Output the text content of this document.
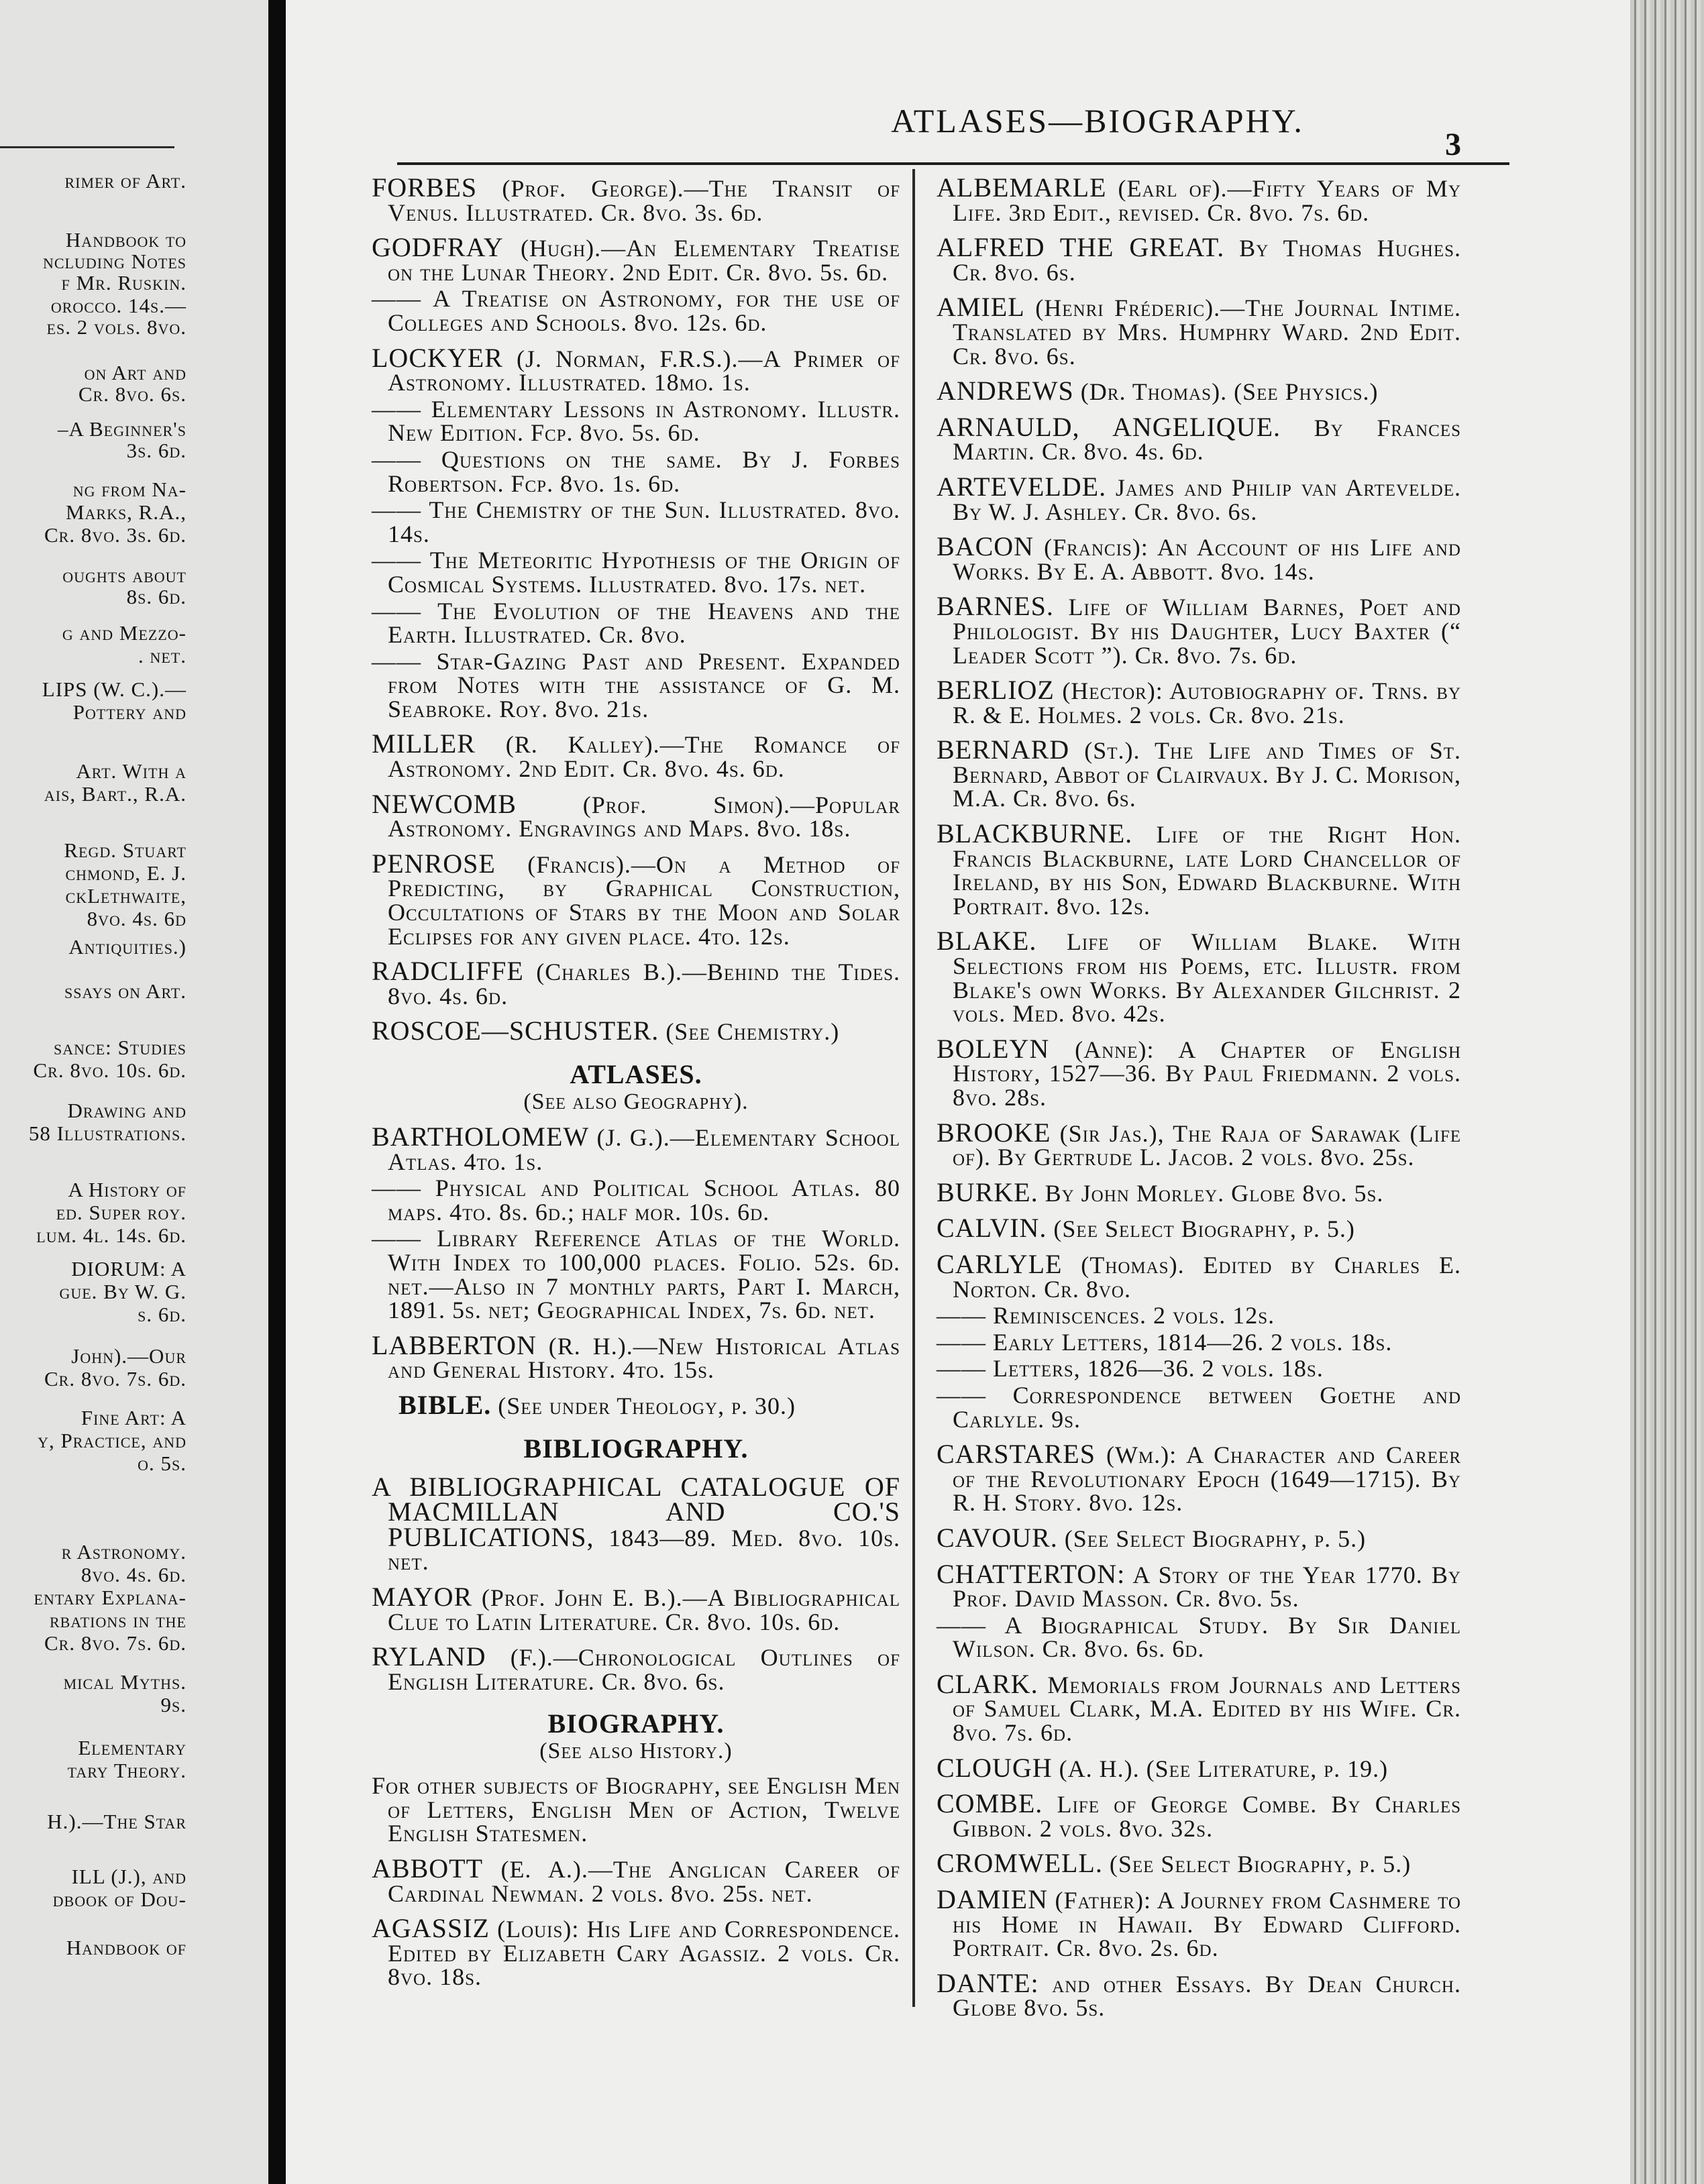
rimer of Art.
Handbook to
ncluding Notes
f Mr. Ruskin.
orocco. 14s.—
es. 2 vols. 8vo.
on Art and
Cr. 8vo. 6s.
–A Beginner's
3s. 6d.
ng from Na-
Marks, R.A.,
Cr. 8vo. 3s. 6d.
oughts about
8s. 6d.
g and Mezzo-
. net.
LIPS (W. C.).—
Pottery and
Art. With a
ais, Bart., R.A.
Regd. Stuart
chmond, E. J.
ckLethwaite,
8vo. 4s. 6d
Antiquities.)
ssays on Art.
sance: Studies
Cr. 8vo. 10s. 6d.
Drawing and
58 Illustrations.
A History of
ed. Super roy.
lum. 4l. 14s. 6d.
DIORUM: A
gue. By W. G.
s. 6d.
John).—Our
Cr. 8vo. 7s. 6d.
Fine Art: A
y, Practice, and
o. 5s.
r Astronomy.
8vo. 4s. 6d.
entary Explana-
rbations in the
Cr. 8vo. 7s. 6d.
mical Myths.
9s.
Elementary
tary Theory.
H.).—The Star
ILL (J.), and
dbook of Dou-
Handbook of
ATLASES—BIOGRAPHY.
3

FORBES (Prof. George).—The Transit of Venus. Illustrated. Cr. 8vo. 3s. 6d.

GODFRAY (Hugh).—An Elementary Treatise on the Lunar Theory. 2nd Edit. Cr. 8vo. 5s. 6d.

—— A Treatise on Astronomy, for the use of Colleges and Schools. 8vo. 12s. 6d.

LOCKYER (J. Norman, F.R.S.).—A Primer of Astronomy. Illustrated. 18mo. 1s.

—— Elementary Lessons in Astronomy. Illustr. New Edition. Fcp. 8vo. 5s. 6d.

—— Questions on the same. By J. Forbes Robertson. Fcp. 8vo. 1s. 6d.

—— The Chemistry of the Sun. Illustrated. 8vo. 14s.

—— The Meteoritic Hypothesis of the Origin of Cosmical Systems. Illustrated. 8vo. 17s. net.

—— The Evolution of the Heavens and the Earth. Illustrated. Cr. 8vo.

—— Star-Gazing Past and Present. Expanded from Notes with the assistance of G. M. Seabroke. Roy. 8vo. 21s.

MILLER (R. Kalley).—The Romance of Astronomy. 2nd Edit. Cr. 8vo. 4s. 6d.

NEWCOMB (Prof. Simon).—Popular Astronomy. Engravings and Maps. 8vo. 18s.

PENROSE (Francis).—On a Method of Predicting, by Graphical Construction, Occultations of Stars by the Moon and Solar Eclipses for any given place. 4to. 12s.

RADCLIFFE (Charles B.).—Behind the Tides. 8vo. 4s. 6d.

ROSCOE—SCHUSTER. (See Chemistry.)

ATLASES.
(See also Geography).

BARTHOLOMEW (J. G.).—Elementary School Atlas. 4to. 1s.

—— Physical and Political School Atlas. 80 maps. 4to. 8s. 6d.; half mor. 10s. 6d.

—— Library Reference Atlas of the World. With Index to 100,000 places. Folio. 52s. 6d. net.—Also in 7 monthly parts, Part I. March, 1891. 5s. net; Geographical Index, 7s. 6d. net.

LABBERTON (R. H.).—New Historical Atlas and General History. 4to. 15s.

BIBLE. (See under Theology, p. 30.)

BIBLIOGRAPHY.

A BIBLIOGRAPHICAL CATALOGUE OF MACMILLAN AND CO.'S PUBLICATIONS, 1843—89. Med. 8vo. 10s. net.

MAYOR (Prof. John E. B.).—A Bibliographical Clue to Latin Literature. Cr. 8vo. 10s. 6d.

RYLAND (F.).—Chronological Outlines of English Literature. Cr. 8vo. 6s.

BIOGRAPHY.
(See also History.)

For other subjects of Biography, see English Men of Letters, English Men of Action, Twelve English Statesmen.

ABBOTT (E. A.).—The Anglican Career of Cardinal Newman. 2 vols. 8vo. 25s. net.

AGASSIZ (Louis): His Life and Correspondence. Edited by Elizabeth Cary Agassiz. 2 vols. Cr. 8vo. 18s.

ALBEMARLE (Earl of).—Fifty Years of My Life. 3rd Edit., revised. Cr. 8vo. 7s. 6d.

ALFRED THE GREAT. By Thomas Hughes. Cr. 8vo. 6s.

AMIEL (Henri Fréderic).—The Journal Intime. Translated by Mrs. Humphry Ward. 2nd Edit. Cr. 8vo. 6s.

ANDREWS (Dr. Thomas). (See Physics.)

ARNAULD, ANGELIQUE. By Frances Martin. Cr. 8vo. 4s. 6d.

ARTEVELDE. James and Philip van Artevelde. By W. J. Ashley. Cr. 8vo. 6s.

BACON (Francis): An Account of his Life and Works. By E. A. Abbott. 8vo. 14s.

BARNES. Life of William Barnes, Poet and Philologist. By his Daughter, Lucy Baxter (“ Leader Scott ”). Cr. 8vo. 7s. 6d.

BERLIOZ (Hector): Autobiography of. Trns. by R. & E. Holmes. 2 vols. Cr. 8vo. 21s.

BERNARD (St.). The Life and Times of St. Bernard, Abbot of Clairvaux. By J. C. Morison, M.A. Cr. 8vo. 6s.

BLACKBURNE. Life of the Right Hon. Francis Blackburne, late Lord Chancellor of Ireland, by his Son, Edward Blackburne. With Portrait. 8vo. 12s.

BLAKE. Life of William Blake. With Selections from his Poems, etc. Illustr. from Blake's own Works. By Alexander Gilchrist. 2 vols. Med. 8vo. 42s.

BOLEYN (Anne): A Chapter of English History, 1527—36. By Paul Friedmann. 2 vols. 8vo. 28s.

BROOKE (Sir Jas.), The Raja of Sarawak (Life of). By Gertrude L. Jacob. 2 vols. 8vo. 25s.

BURKE. By John Morley. Globe 8vo. 5s.

CALVIN. (See Select Biography, p. 5.)

CARLYLE (Thomas). Edited by Charles E. Norton. Cr. 8vo.

—— Reminiscences. 2 vols. 12s.

—— Early Letters, 1814—26. 2 vols. 18s.

—— Letters, 1826—36. 2 vols. 18s.

—— Correspondence between Goethe and Carlyle. 9s.

CARSTARES (Wm.): A Character and Career of the Revolutionary Epoch (1649—1715). By R. H. Story. 8vo. 12s.

CAVOUR. (See Select Biography, p. 5.)

CHATTERTON: A Story of the Year 1770. By Prof. David Masson. Cr. 8vo. 5s.

—— A Biographical Study. By Sir Daniel Wilson. Cr. 8vo. 6s. 6d.

CLARK. Memorials from Journals and Letters of Samuel Clark, M.A. Edited by his Wife. Cr. 8vo. 7s. 6d.

CLOUGH (A. H.). (See Literature, p. 19.)

COMBE. Life of George Combe. By Charles Gibbon. 2 vols. 8vo. 32s.

CROMWELL. (See Select Biography, p. 5.)

DAMIEN (Father): A Journey from Cashmere to his Home in Hawaii. By Edward Clifford. Portrait. Cr. 8vo. 2s. 6d.

DANTE: and other Essays. By Dean Church. Globe 8vo. 5s.
